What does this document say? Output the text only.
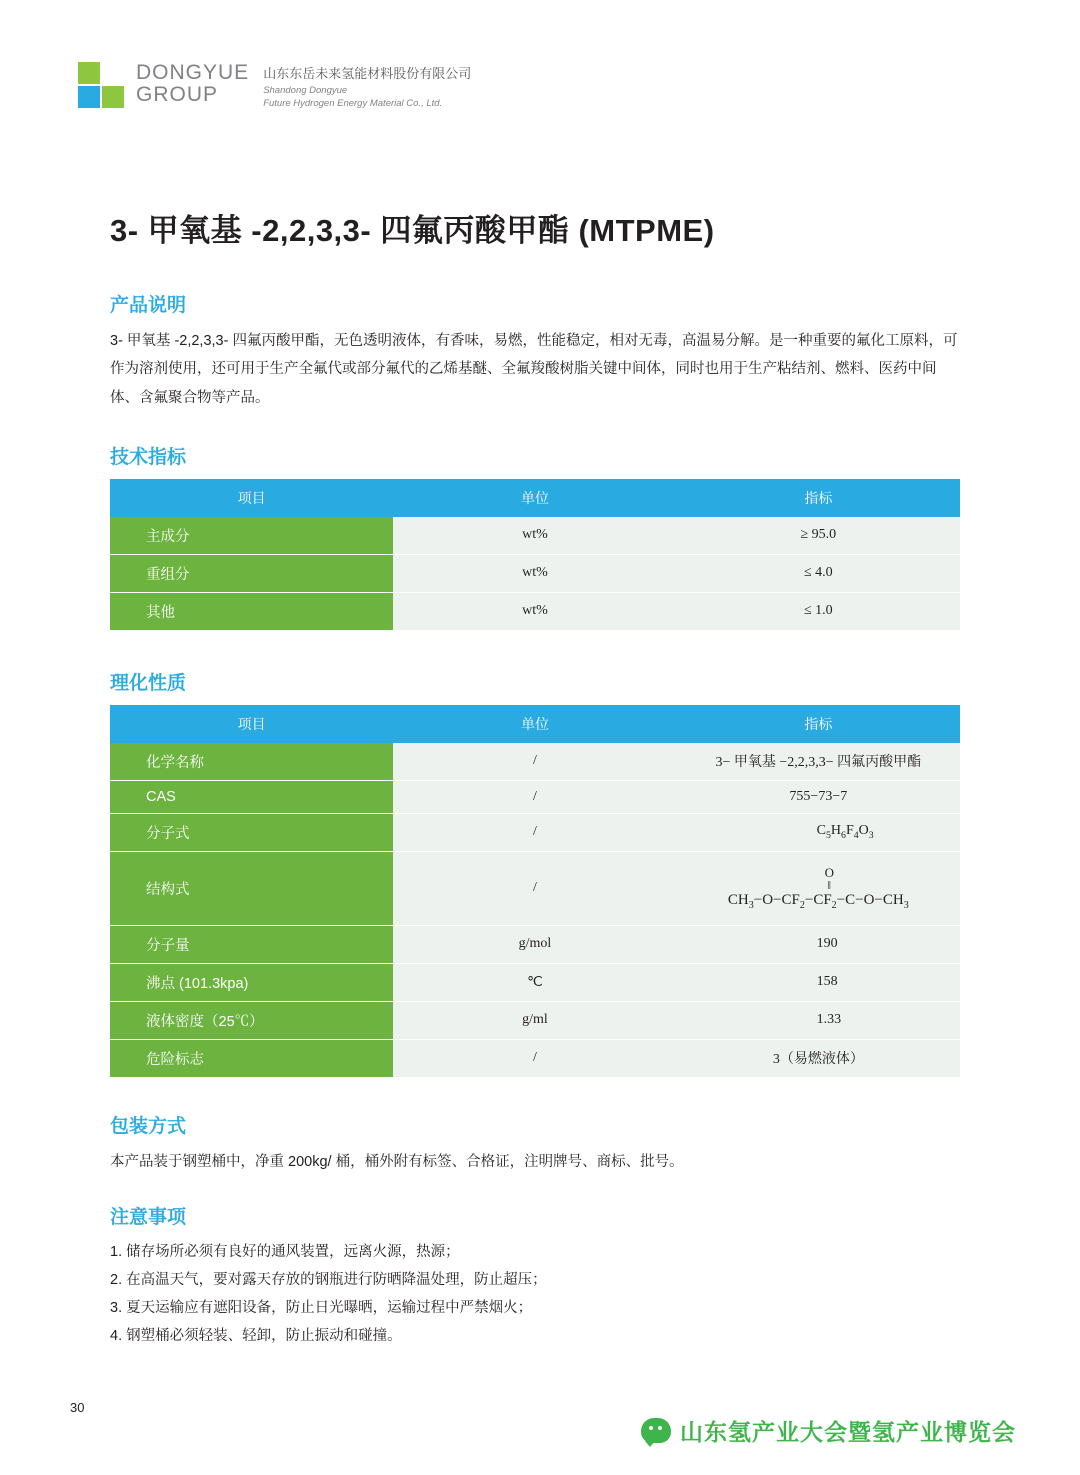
DONGYUE
GROUP
山东东岳未来氢能材料股份有限公司
Shandong Dongyue
Future Hydrogen Energy Material Co., Ltd.
3- 甲氧基 -2,2,3,3- 四氟丙酸甲酯 (MTPME)
产品说明

3- 甲氧基 -2,2,3,3- 四氟丙酸甲酯，无色透明液体，有香味，易燃，性能稳定，相对无毒，高温易分解。是一种重要的氟化工原料，可作为溶剂使用，还可用于生产全氟代或部分氟代的乙烯基醚、全氟羧酸树脂关键中间体，同时也用于生产粘结剂、燃料、医药中间体、含氟聚合物等产品。

技术指标
项目	单位	指标
主成分	wt%	≥ 95.0
重组分	wt%	≤ 4.0
其他	wt%	≤ 1.0
理化性质
项目	单位	指标
化学名称	/	3− 甲氧基 −2,2,3,3− 四氟丙酸甲酯
CAS	/	755−73−7
分子式	/	$C_5H_6F_4O_3$
结构式	/	O
‖
$CH_3-O-CF_2-CF_2-C-O-CH_3$

分子量	g/mol	190
沸点 (101.3kpa)	℃	158
液体密度（25℃）	g/ml	1.33
危险标志	/	3（易燃液体）
包装方式

本产品装于钢塑桶中，净重 200kg/ 桶，桶外附有标签、合格证，注明牌号、商标、批号。

注意事项
1. 储存场所必须有良好的通风装置，远离火源，热源；
2. 在高温天气，要对露天存放的钢瓶进行防晒降温处理，防止超压；
3. 夏天运输应有遮阳设备，防止日光曝晒，运输过程中严禁烟火；
4. 钢塑桶必须轻装、轻卸，防止振动和碰撞。
30
山东氢产业大会暨氢产业博览会
